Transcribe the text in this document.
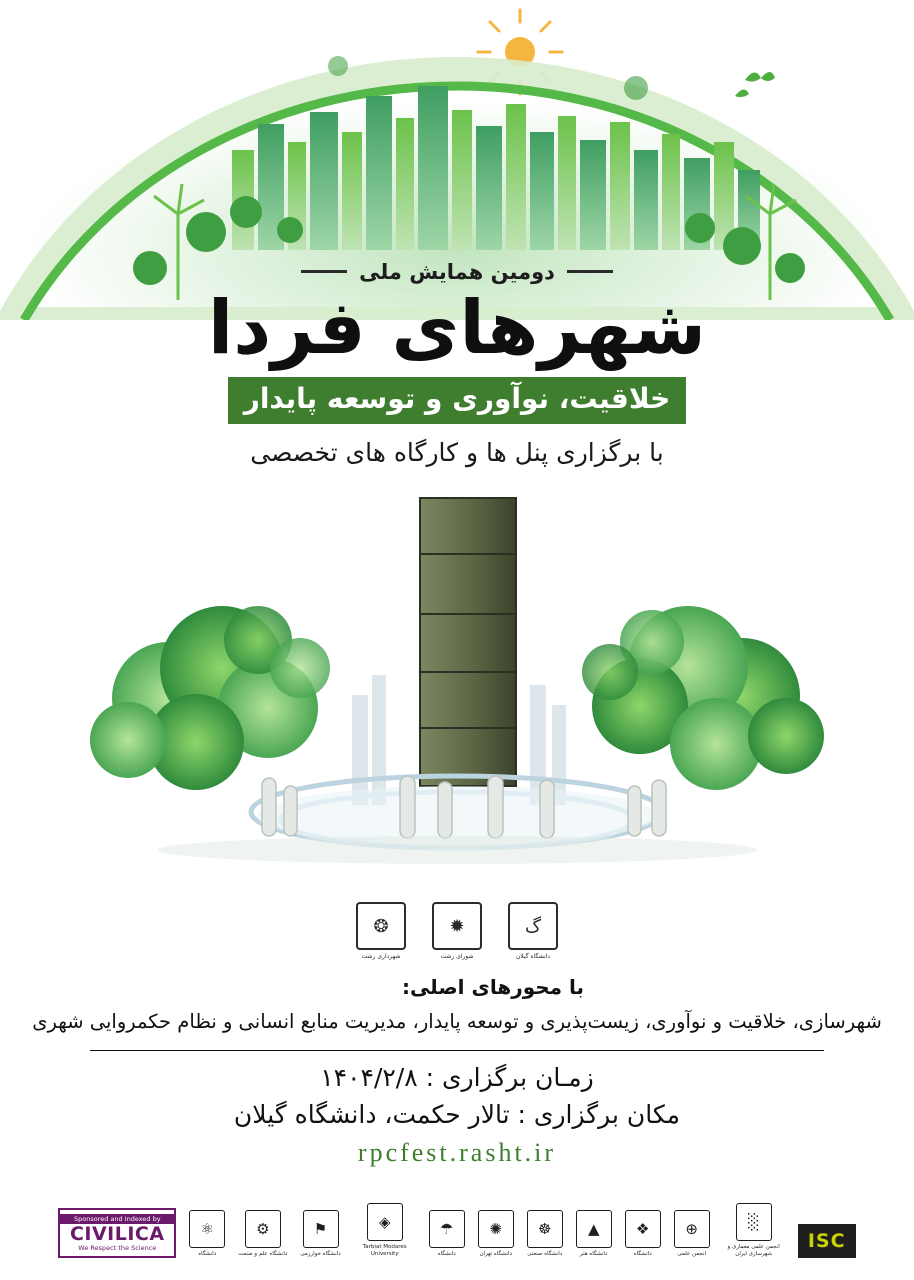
دومین همایش ملی
شهرهای فردا
خلاقیت، نوآوری و توسعه پایدار
با برگزاری پنل ها و کارگاه های تخصصی
گ
دانشگاه گیلان
✹
شورای رشت
❂
شهرداری رشت
با محورهای اصلی:
شهرسازی، خلاقیت و نوآوری، زیست‌پذیری و توسعه پایدار، مدیریت منابع انسانی و نظام حکمروایی شهری
زمـان برگزاری : ۱۴۰۴/۲/۸
مکان برگزاری : تالار حکمت، دانشگاه گیلان
rpcfest.rasht.ir
Sponsored and Indexed by
CIVILICA
We Respect the Science
⚛
دانشگاه
⚙
دانشگاه علم و صنعت
⚑
دانشگاه خوارزمی
◈
Tarbiat Modares University
☂
دانشگاه
✺
دانشگاه تهران
☸
دانشگاه صنعتی
▲
دانشگاه هنر
❖
دانشگاه
⊕
انجمن علمی
░
انجمن علمی معماری و شهرسازی ایران
ISC
